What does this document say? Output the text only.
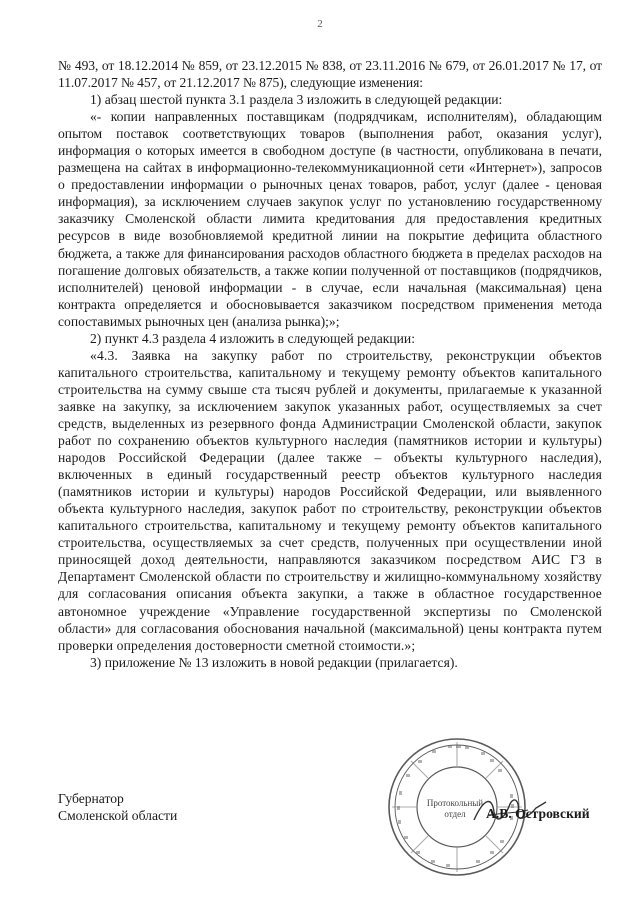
2

№ 493, от 18.12.2014 № 859, от 23.12.2015 № 838, от 23.11.2016 № 679, от 26.01.2017 № 17, от 11.07.2017 № 457, от 21.12.2017 № 875), следующие изменения:

1) абзац шестой пункта 3.1 раздела 3 изложить в следующей редакции:

«- копии направленных поставщикам (подрядчикам, исполнителям), обладающим опытом поставок соответствующих товаров (выполнения работ, оказания услуг), информация о которых имеется в свободном доступе (в частности, опубликована в печати, размещена на сайтах в информационно-телекоммуникационной сети «Интернет»), запросов о предоставлении информации о рыночных ценах товаров, работ, услуг (далее - ценовая информация), за исключением случаев закупок услуг по установлению государственному заказчику Смоленской области лимита кредитования для предоставления кредитных ресурсов в виде возобновляемой кредитной линии на покрытие дефицита областного бюджета, а также для финансирования расходов областного бюджета в пределах расходов на погашение долговых обязательств, а также копии полученной от поставщиков (подрядчиков, исполнителей) ценовой информации - в случае, если начальная (максимальная) цена контракта определяется и обосновывается заказчиком посредством применения метода сопоставимых рыночных цен (анализа рынка);»;

2) пункт 4.3 раздела 4 изложить в следующей редакции:

«4.3. Заявка на закупку работ по строительству, реконструкции объектов капитального строительства, капитальному и текущему ремонту объектов капитального строительства на сумму свыше ста тысяч рублей и документы, прилагаемые к указанной заявке на закупку, за исключением закупок указанных работ, осуществляемых за счет средств, выделенных из резервного фонда Администрации Смоленской области, закупок работ по сохранению объектов культурного наследия (памятников истории и культуры) народов Российской Федерации (далее также – объекты культурного наследия), включенных в единый государственный реестр объектов культурного наследия (памятников истории и культуры) народов Российской Федерации, или выявленного объекта культурного наследия, закупок работ по строительству, реконструкции объектов капитального строительства, капитальному и текущему ремонту объектов капитального строительства, осуществляемых за счет средств, полученных при осуществлении иной приносящей доход деятельности, направляются заказчиком посредством АИС ГЗ в Департамент Смоленской области по строительству и жилищно-коммунальному хозяйству для согласования описания объекта закупки, а также в областное государственное автономное учреждение «Управление государственной экспертизы по Смоленской области» для согласования обоснования начальной (максимальной) цены контракта путем проверки определения достоверности сметной стоимости.»;

3) приложение № 13 изложить в новой редакции (прилагается).

Губернатор
Смоленской области
Протокольный отдел	А.В. Островский
